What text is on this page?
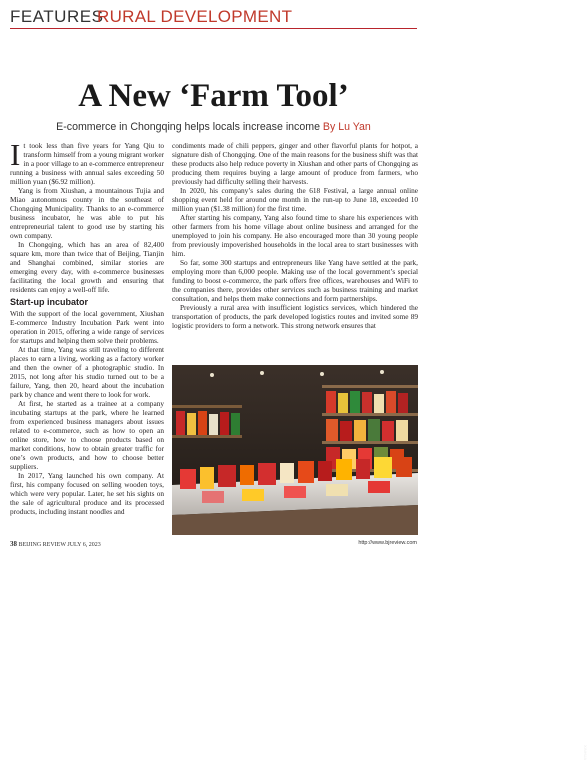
FEATURES
RURAL DEVELOPMENT
A New ‘Farm Tool’
E-commerce in Chongqing helps locals increase income By Lu Yan

It took less than five years for Yang Qiu to transform himself from a young migrant worker in a poor village to an e-commerce entrepreneur running a business with annual sales exceeding 50 million yuan ($6.92 million).

Yang is from Xiushan, a mountainous Tujia and Miao autonomous county in the southeast of Chongqing Municipality. Thanks to an e-commerce business incubator, he was able to put his entrepreneurial talent to good use by starting his own company.

In Chongqing, which has an area of 82,400 square km, more than twice that of Beijing, Tianjin and Shanghai combined, similar stories are emerging every day, with e-commerce businesses facilitating the local growth and ensuring that residents can enjoy a well-off life.

Start-up incubator

With the support of the local government, Xiushan E-commerce Industry Incubation Park went into operation in 2015, offering a wide range of services for startups and helping them solve their problems.

At that time, Yang was still traveling to different places to earn a living, working as a factory worker and then the owner of a photographic studio. In 2015, not long after his studio turned out to be a failure, Yang, then 20, heard about the incubation park by chance and went there to look for work.

At first, he started as a trainee at a company incubating startups at the park, where he learned from experienced business managers about issues related to e-commerce, such as how to open an online store, how to choose products based on market conditions, how to obtain greater traffic for one’s own products, and how to choose better suppliers.

In 2017, Yang launched his own company. At first, his company focused on selling wooden toys, which were very popular. Later, he set his sights on the sale of agricultural produce and its processed products, including instant noodles and

condiments made of chili peppers, ginger and other flavorful plants for hotpot, a signature dish of Chongqing. One of the main reasons for the business shift was that these products also help reduce poverty in Xiushan and other parts of Chongqing as producing them requires buying a large amount of produce from farmers, who previously had difficulty selling their harvests.

In 2020, his company’s sales during the 618 Festival, a large annual online shopping event held for around one month in the run-up to June 18, exceeded 10 million yuan ($1.38 million) for the first time.

After starting his company, Yang also found time to share his experiences with other farmers from his home village about online business and arranged for the unemployed to join his company. He also encouraged more than 30 young people from previously impoverished households in the local area to start businesses with him.

So far, some 300 startups and entrepreneurs like Yang have settled at the park, employing more than 6,000 people. Making use of the local government’s special funding to boost e-commerce, the park offers free offices, warehouses and WiFi to the companies there, provides other services such as business training and market consultation, and helps them make connections and form partnerships.

Previously a rural area with insufficient logistics services, which hindered the transportation of products, the park developed logistics routes and invited some 89 logistic providers to form a network. This strong network ensures that

XINHUA
38 BEIJING REVIEW JULY 6, 2023	http://www.bjreview.com
